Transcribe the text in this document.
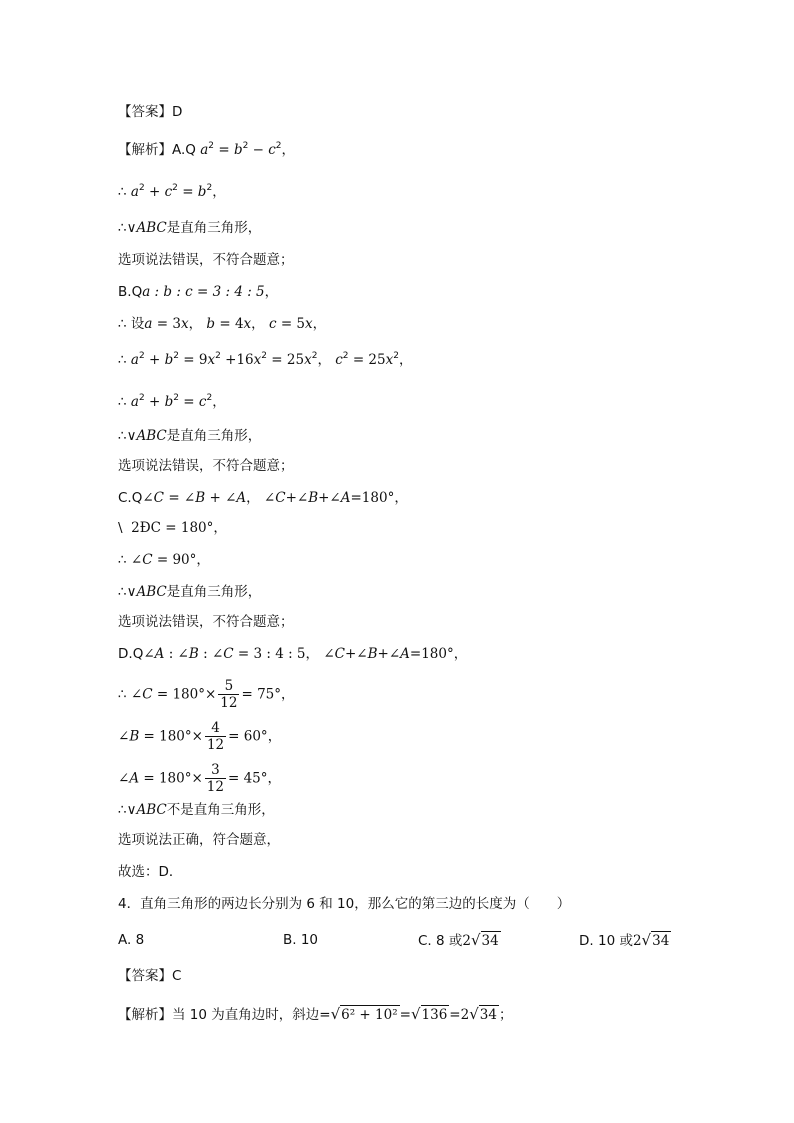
【答案】D
【解析】A.Q $a^2 = b^2 - c^2$，
∴ $a^2 + c^2 = b^2$，
∴∨ABC是直角三角形，
选项说法错误，不符合题意；
B.Qa : b : c = 3 : 4 : 5，
∴ 设a = 3x， b = 4x， c = 5x，
∴ $a^2 + b^2 = 9x^2 +16x^2 = 25x^2$， $c^2 = 25x^2$，
∴ $a^2 + b^2 = c^2$，
∴∨ABC是直角三角形，
选项说法错误，不符合题意；
C.Q∠C = ∠B + ∠A， ∠C+∠B+∠A=180°，
\ 2ÐC = 180°，
∴ ∠C = 90°，
∴∨ABC是直角三角形，
选项说法错误，不符合题意；
D.Q∠A : ∠B : ∠C = 3 : 4 : 5， ∠C+∠B+∠A=180°，
∴ ∠C = $180^\circ\times \frac{5}{12} = 75^\circ$，
∠B = $180^\circ\times \frac{4}{12} = 60^\circ$，
∠A = $180^\circ\times \frac{3}{12} = 45^\circ$，
∴∨ABC不是直角三角形，
选项说法正确，符合题意，
故选：D．
4．直角三角形的两边长分别为 6 和 10，那么它的第三边的长度为（　　）
A. 8	B. 10	C. 8 或2√34	D. 10 或2√34
【答案】C
【解析】当 10 为直角边时，斜边=√6² + 10² =√136 =2√34 ；
